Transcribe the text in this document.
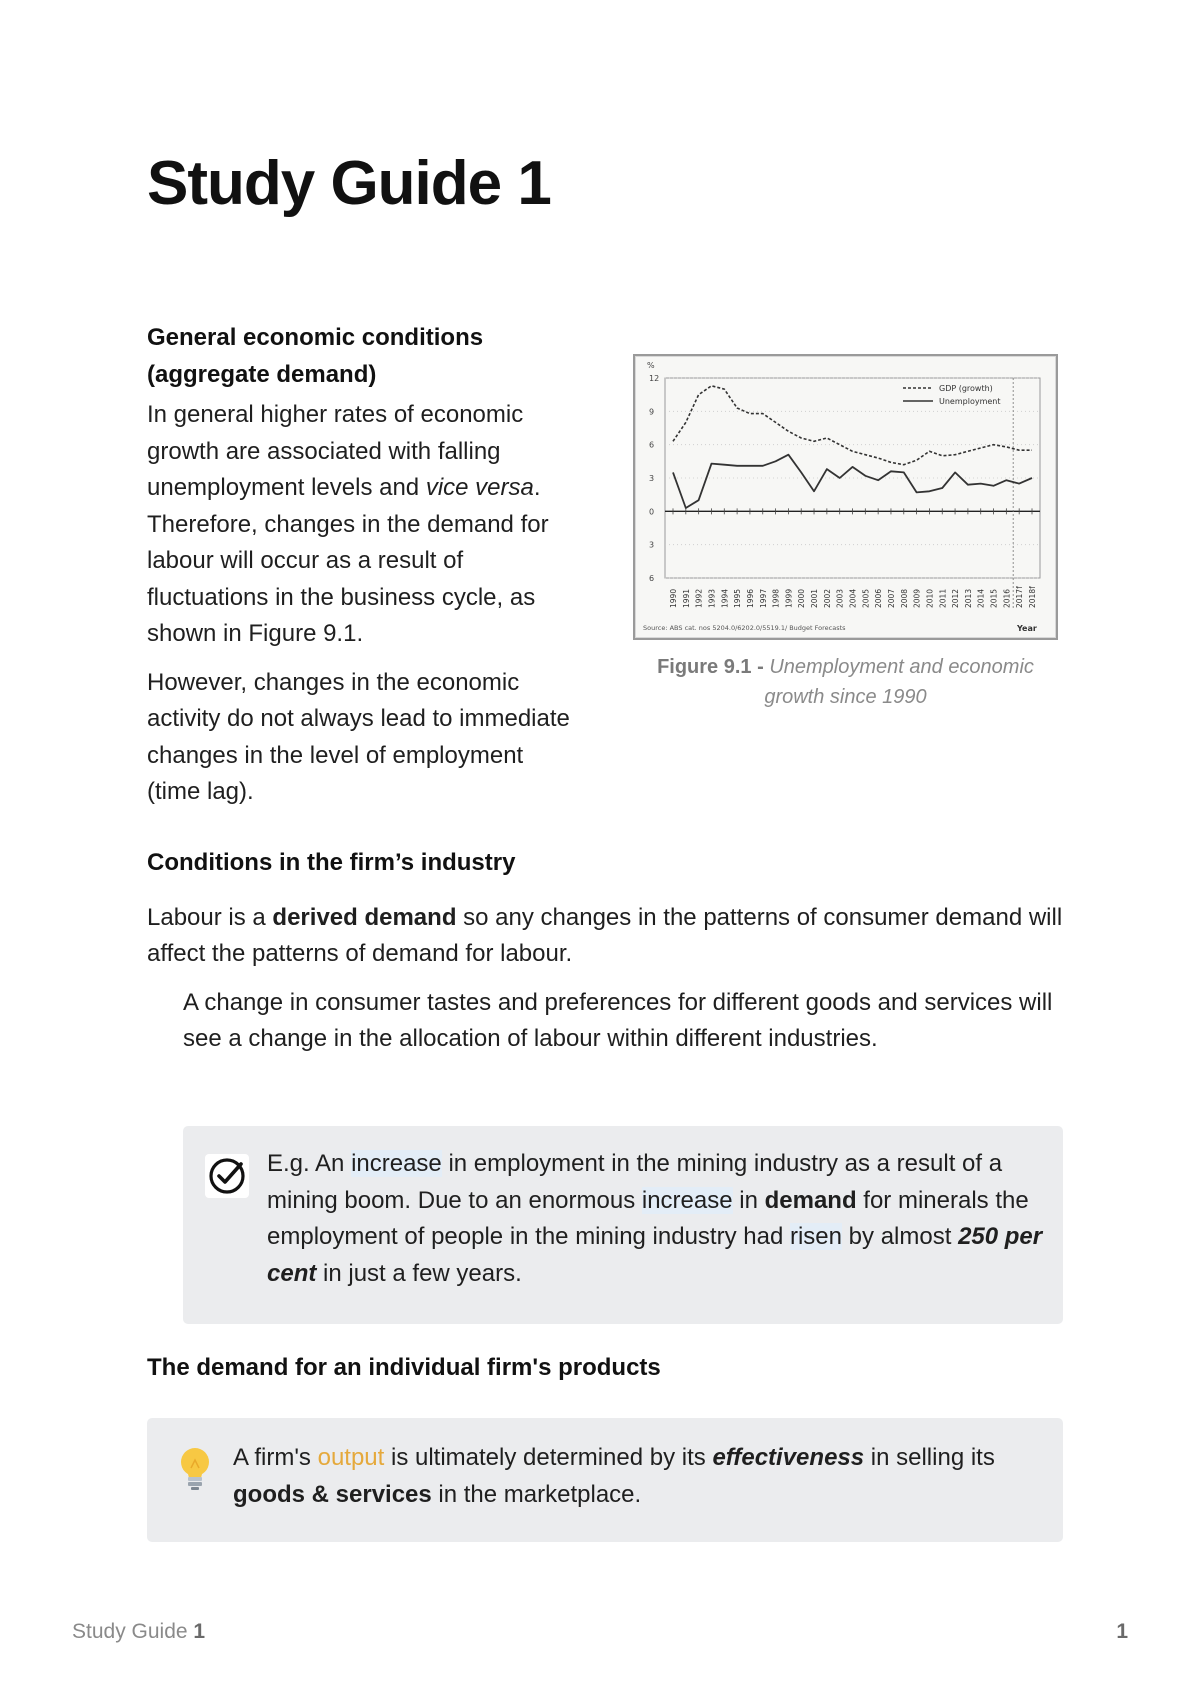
Study Guide 1
General economic conditions
(aggregate demand)
In general higher rates of economic growth are associated with falling unemployment levels and vice versa. Therefore, changes in the demand for labour will occur as a result of fluctuations in the business cycle, as shown in Figure 9.1.
However, changes in the economic activity do not always lead to immediate changes in the level of employment (time lag).
12
9
6
3
0
3
6
%
1990 1991 1992 1993 1994 1995 1996 1997 1998 1999 2000 2001 2002 2003 2004 2005 2006 2007 2008 2009 2010 2011 2012 2013 2014 2015 2016 2017f 2018f
GDP (growth)
Unemployment
Source: ABS cat. nos 5204.0/6202.0/5519.1/ Budget Forecasts	Year
Figure 9.1 - Unemployment and economic growth since 1990
Conditions in the firm’s industry
Labour is a derived demand so any changes in the patterns of consumer demand will affect the patterns of demand for labour.
A change in consumer tastes and preferences for different goods and services will see a change in the allocation of labour within different industries.
E.g. An increase in employment in the mining industry as a result of a mining boom. Due to an enormous increase in demand for minerals the employment of people in the mining industry had risen by almost 250 per cent in just a few years.
The demand for an individual firm's products
A firm's output is ultimately determined by its effectiveness in selling its goods & services in the marketplace.
Study Guide 1	1
